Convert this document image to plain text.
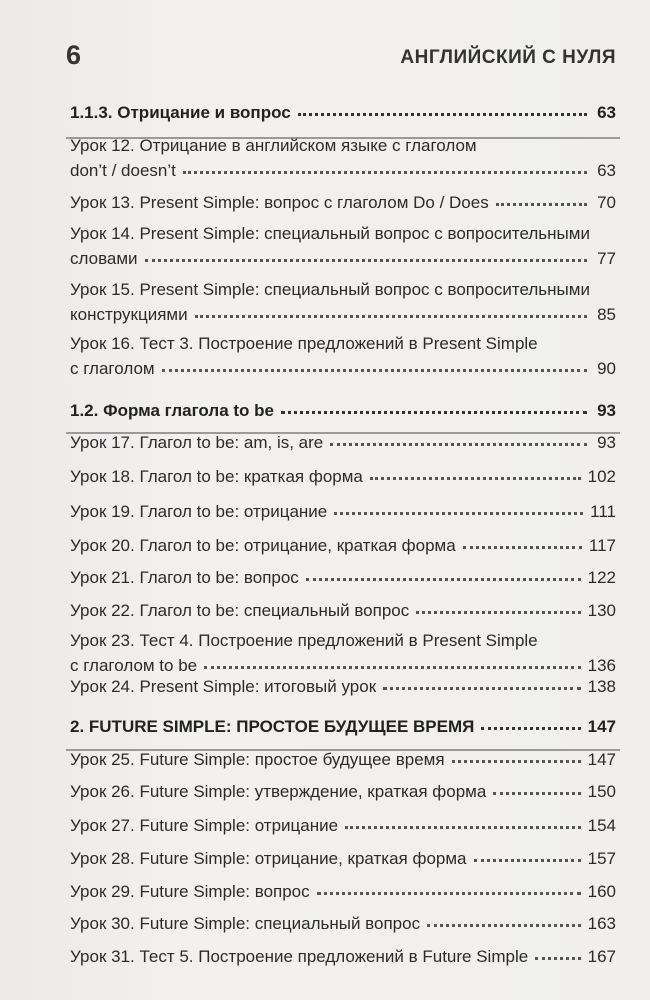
6	АНГЛИЙСКИЙ С НУЛЯ
1.1.3. Отрицание и вопрос	63
Урок 12. Отрицание в английском языке с глаголом
don’t / doesn’t	63
Урок 13. Present Simple: вопрос с глаголом Do / Does	70
Урок 14. Present Simple: специальный вопрос с вопросительными
словами	77
Урок 15. Present Simple: специальный вопрос с вопросительными
конструкциями	85
Урок 16. Тест 3. Построение предложений в Present Simple
с глаголом	90
1.2. Форма глагола to be	93
Урок 17. Глагол to be: am, is, are	93
Урок 18. Глагол to be: краткая форма	102
Урок 19. Глагол to be: отрицание	111
Урок 20. Глагол to be: отрицание, краткая форма	117
Урок 21. Глагол to be: вопрос	122
Урок 22. Глагол to be: специальный вопрос	130
Урок 23. Тест 4. Построение предложений в Present Simple
с глаголом to be	136
Урок 24. Present Simple: итоговый урок	138
2. FUTURE SIMPLE: ПРОСТОЕ БУДУЩЕЕ ВРЕМЯ	147
Урок 25. Future Simple: простое будущее время	147
Урок 26. Future Simple: утверждение, краткая форма	150
Урок 27. Future Simple: отрицание	154
Урок 28. Future Simple: отрицание, краткая форма	157
Урок 29. Future Simple: вопрос	160
Урок 30. Future Simple: специальный вопрос	163
Урок 31. Тест 5. Построение предложений в Future Simple	167
